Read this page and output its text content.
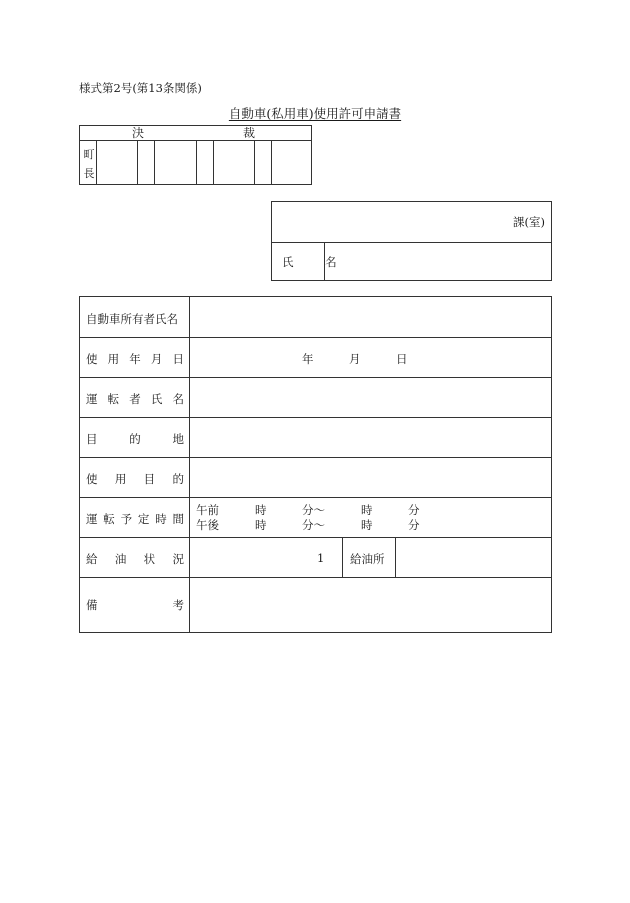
様式第2号(第13条関係)
自動車(私用車)使用許可申請書
決	裁
町
長
課(室)
氏 名
自動車所有者氏名
使 用 年 月 日	年	月	日
運 転 者 氏 名
目	的	地
使 用 目 的
運 転 予 定 時 間
午前	時	分～	時	分
午後	時	分～	時	分
給 油 状 況	1 給油所
備	考
